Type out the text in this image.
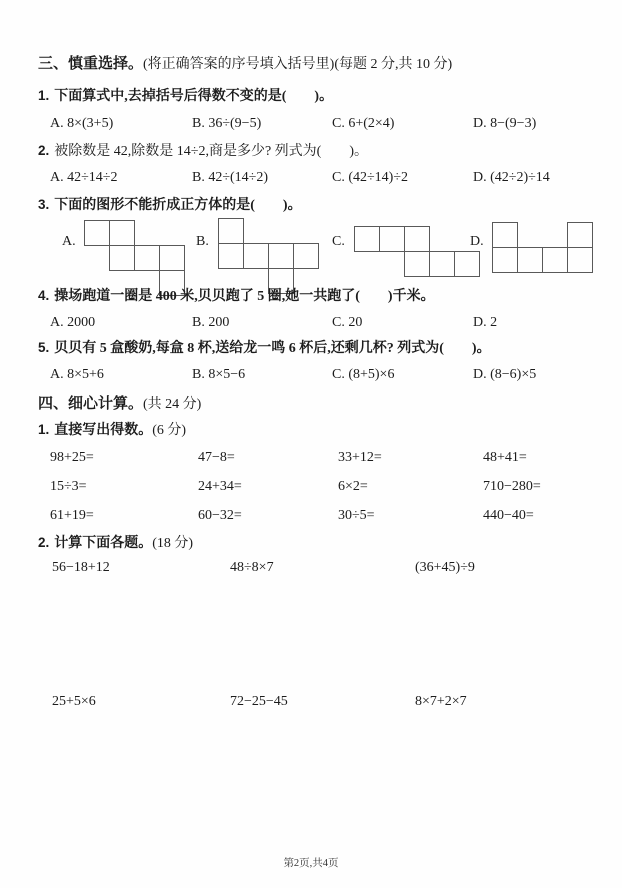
三、慎重选择。(将正确答案的序号填入括号里)(每题 2 分,共 10 分)
1. 下面算式中,去掉括号后得数不变的是(　　)。
A. 8×(3+5)	B. 36÷(9−5)	C. 6+(2×4)	D. 8−(9−3)
2. 被除数是 42,除数是 14÷2,商是多少? 列式为(　　)。
A. 42÷14÷2	B. 42÷(14÷2)	C. (42÷14)÷2	D. (42÷2)÷14
3. 下面的图形不能折成正方体的是(　　)。
A.	B.	C.	D.
4. 操场跑道一圈是 400 米,贝贝跑了 5 圈,她一共跑了(　　)千米。
A. 2000	B. 200	C. 20	D. 2
5. 贝贝有 5 盒酸奶,每盒 8 杯,送给龙一鸣 6 杯后,还剩几杯? 列式为(　　)。
A. 8×5+6	B. 8×5−6	C. (8+5)×6	D. (8−6)×5
四、细心计算。(共 24 分)
1. 直接写出得数。(6 分)
98+25=	47−8=	33+12=	48+41=
15÷3=	24+34=	6×2=	710−280=
61+19=	60−32=	30÷5=	440−40=
2. 计算下面各题。(18 分)
56−18+12	48÷8×7	(36+45)÷9
25+5×6	72−25−45	8×7+2×7
第2页,共4页
